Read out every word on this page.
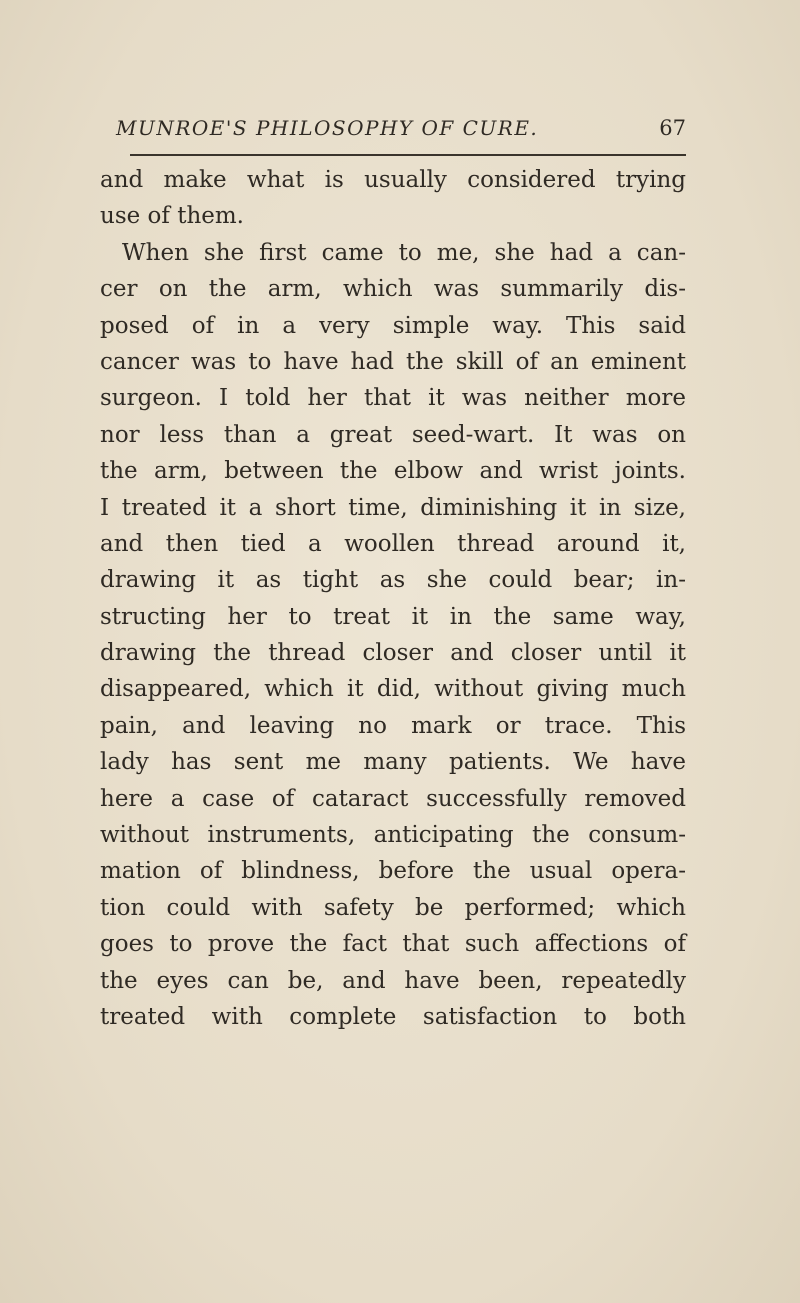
MUNROE'S PHILOSOPHY OF CURE.	67
and make what is usually considered trying
use of them.
When she first came to me, she had a can-
cer on the arm, which was summarily dis-
posed of in a very simple way. This said
cancer was to have had the skill of an eminent
surgeon. I told her that it was neither more
nor less than a great seed-wart. It was on
the arm, between the elbow and wrist joints.
I treated it a short time, diminishing it in size,
and then tied a woollen thread around it,
drawing it as tight as she could bear; in-
structing her to treat it in the same way,
drawing the thread closer and closer until it
disappeared, which it did, without giving much
pain, and leaving no mark or trace. This
lady has sent me many patients. We have
here a case of cataract successfully removed
without instruments, anticipating the consum-
mation of blindness, before the usual opera-
tion could with safety be performed; which
goes to prove the fact that such affections of
the eyes can be, and have been, repeatedly
treated with complete satisfaction to both
